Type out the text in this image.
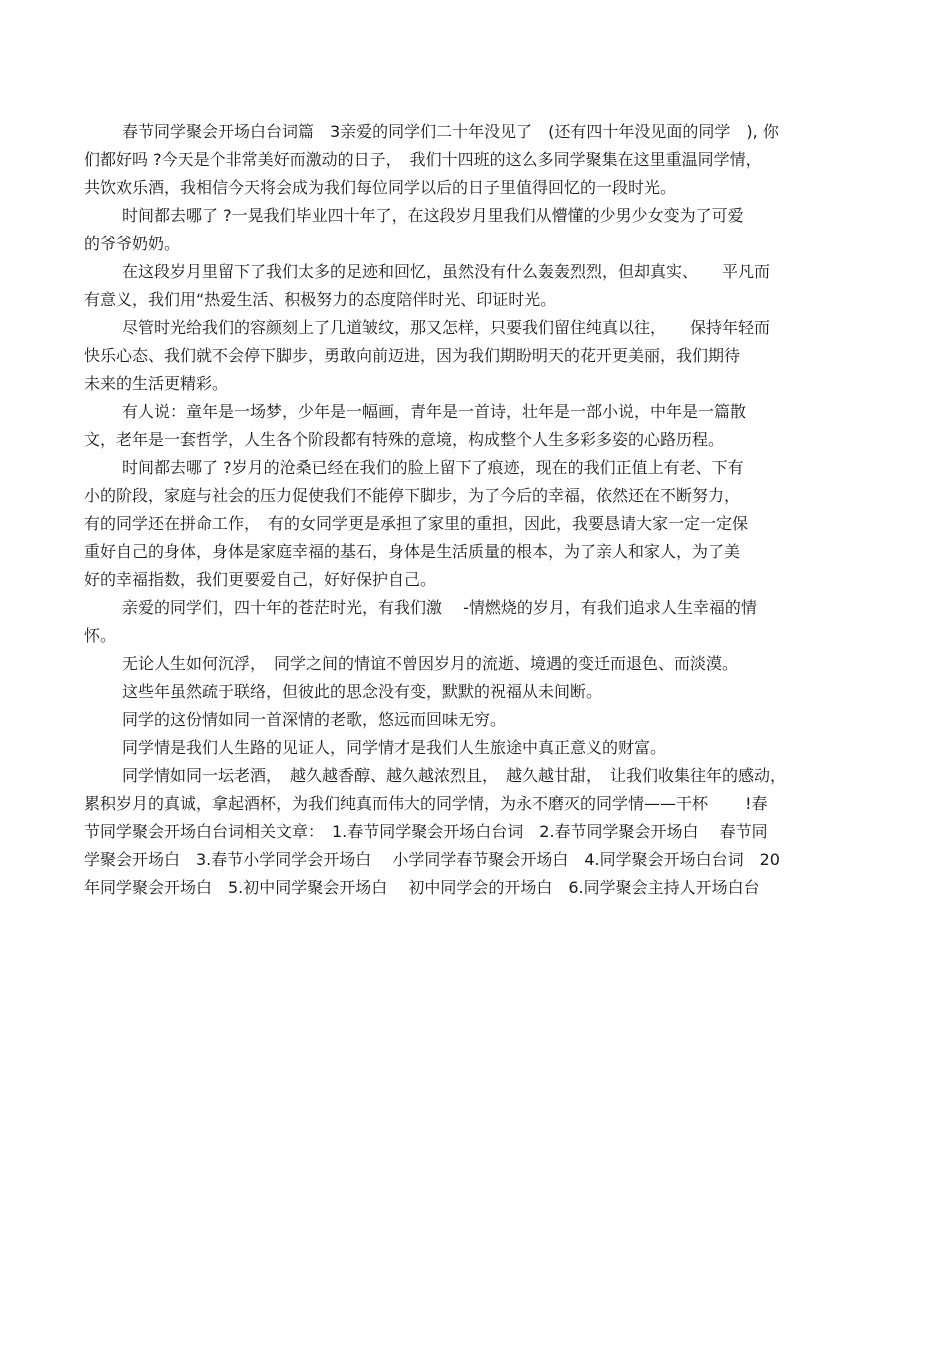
春节同学聚会开场白台词篇　3亲爱的同学们二十年没见了　(还有四十年没见面的同学　), 你
们都好吗 ?今天是个非常美好而激动的日子，　我们十四班的这么多同学聚集在这里重温同学情，
共饮欢乐酒，我相信今天将会成为我们每位同学以后的日子里值得回忆的一段时光。
时间都去哪了 ?一晃我们毕业四十年了，在这段岁月里我们从懵懂的少男少女变为了可爱
的爷爷奶奶。
在这段岁月里留下了我们太多的足迹和回忆，虽然没有什么轰轰烈烈，但却真实、　　平凡而
有意义，我们用“热爱生活、积极努力的态度陪伴时光、印证时光。
尽管时光给我们的容颜刻上了几道皱纹，那又怎样，只要我们留住纯真以往，　　保持年轻而
快乐心态、我们就不会停下脚步，勇敢向前迈进，因为我们期盼明天的花开更美丽，我们期待
未来的生活更精彩。
有人说：童年是一场梦，少年是一幅画，青年是一首诗，壮年是一部小说，中年是一篇散
文，老年是一套哲学，人生各个阶段都有特殊的意境，构成整个人生多彩多姿的心路历程。
时间都去哪了 ?岁月的沧桑已经在我们的脸上留下了痕迹，现在的我们正值上有老、下有
小的阶段，家庭与社会的压力促使我们不能停下脚步，为了今后的幸福，依然还在不断努力，
有的同学还在拼命工作，　有的女同学更是承担了家里的重担，因此，我要恳请大家一定一定保
重好自己的身体，身体是家庭幸福的基石，身体是生活质量的根本，为了亲人和家人，为了美
好的幸福指数，我们更要爱自己，好好保护自己。
亲爱的同学们，四十年的苍茫时光，有我们激　 -情燃烧的岁月，有我们追求人生幸福的情
怀。
无论人生如何沉浮，　同学之间的情谊不曾因岁月的流逝、境遇的变迁而退色、而淡漠。
这些年虽然疏于联络，但彼此的思念没有变，默默的祝福从未间断。
同学的这份情如同一首深情的老歌，悠远而回味无穷。
同学情是我们人生路的见证人，同学情才是我们人生旅途中真正意义的财富。
同学情如同一坛老酒，　越久越香醇、越久越浓烈且，　越久越甘甜，　让我们收集往年的感动，
累积岁月的真诚，拿起酒杯，为我们纯真而伟大的同学情，为永不磨灭的同学情——干杯　　 !春
节同学聚会开场白台词相关文章：　1.春节同学聚会开场白台词　2.春节同学聚会开场白　 春节同
学聚会开场白　3.春节小学同学会开场白　 小学同学春节聚会开场白　4.同学聚会开场白台词　20
年同学聚会开场白　5.初中同学聚会开场白　 初中同学会的开场白　6.同学聚会主持人开场白台
